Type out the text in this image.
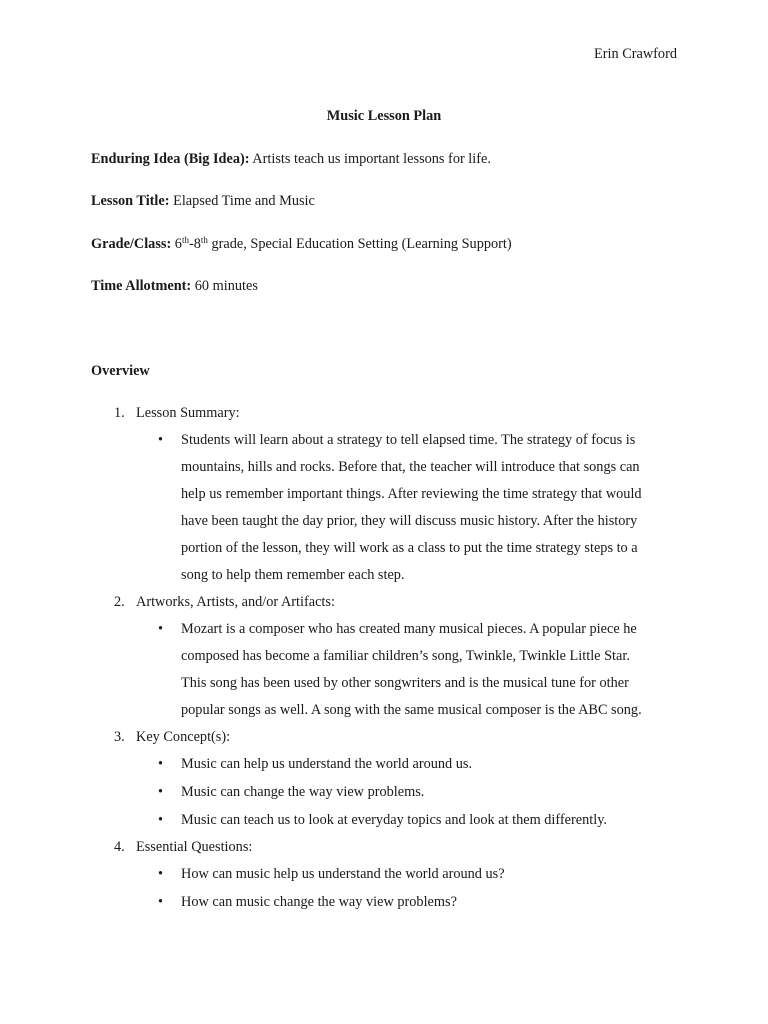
Erin Crawford
Music Lesson Plan
Enduring Idea (Big Idea): Artists teach us important lessons for life.
Lesson Title: Elapsed Time and Music
Grade/Class: 6th-8th grade, Special Education Setting (Learning Support)
Time Allotment: 60 minutes
Overview
1. Lesson Summary:
• Students will learn about a strategy to tell elapsed time. The strategy of focus is
mountains, hills and rocks. Before that, the teacher will introduce that songs can
help us remember important things. After reviewing the time strategy that would
have been taught the day prior, they will discuss music history. After the history
portion of the lesson, they will work as a class to put the time strategy steps to a
song to help them remember each step.
2. Artworks, Artists, and/or Artifacts:
• Mozart is a composer who has created many musical pieces. A popular piece he
composed has become a familiar children’s song, Twinkle, Twinkle Little Star.
This song has been used by other songwriters and is the musical tune for other
popular songs as well. A song with the same musical composer is the ABC song.
3. Key Concept(s):
• Music can help us understand the world around us.
• Music can change the way view problems.
• Music can teach us to look at everyday topics and look at them differently.
4. Essential Questions:
• How can music help us understand the world around us?
• How can music change the way view problems?
